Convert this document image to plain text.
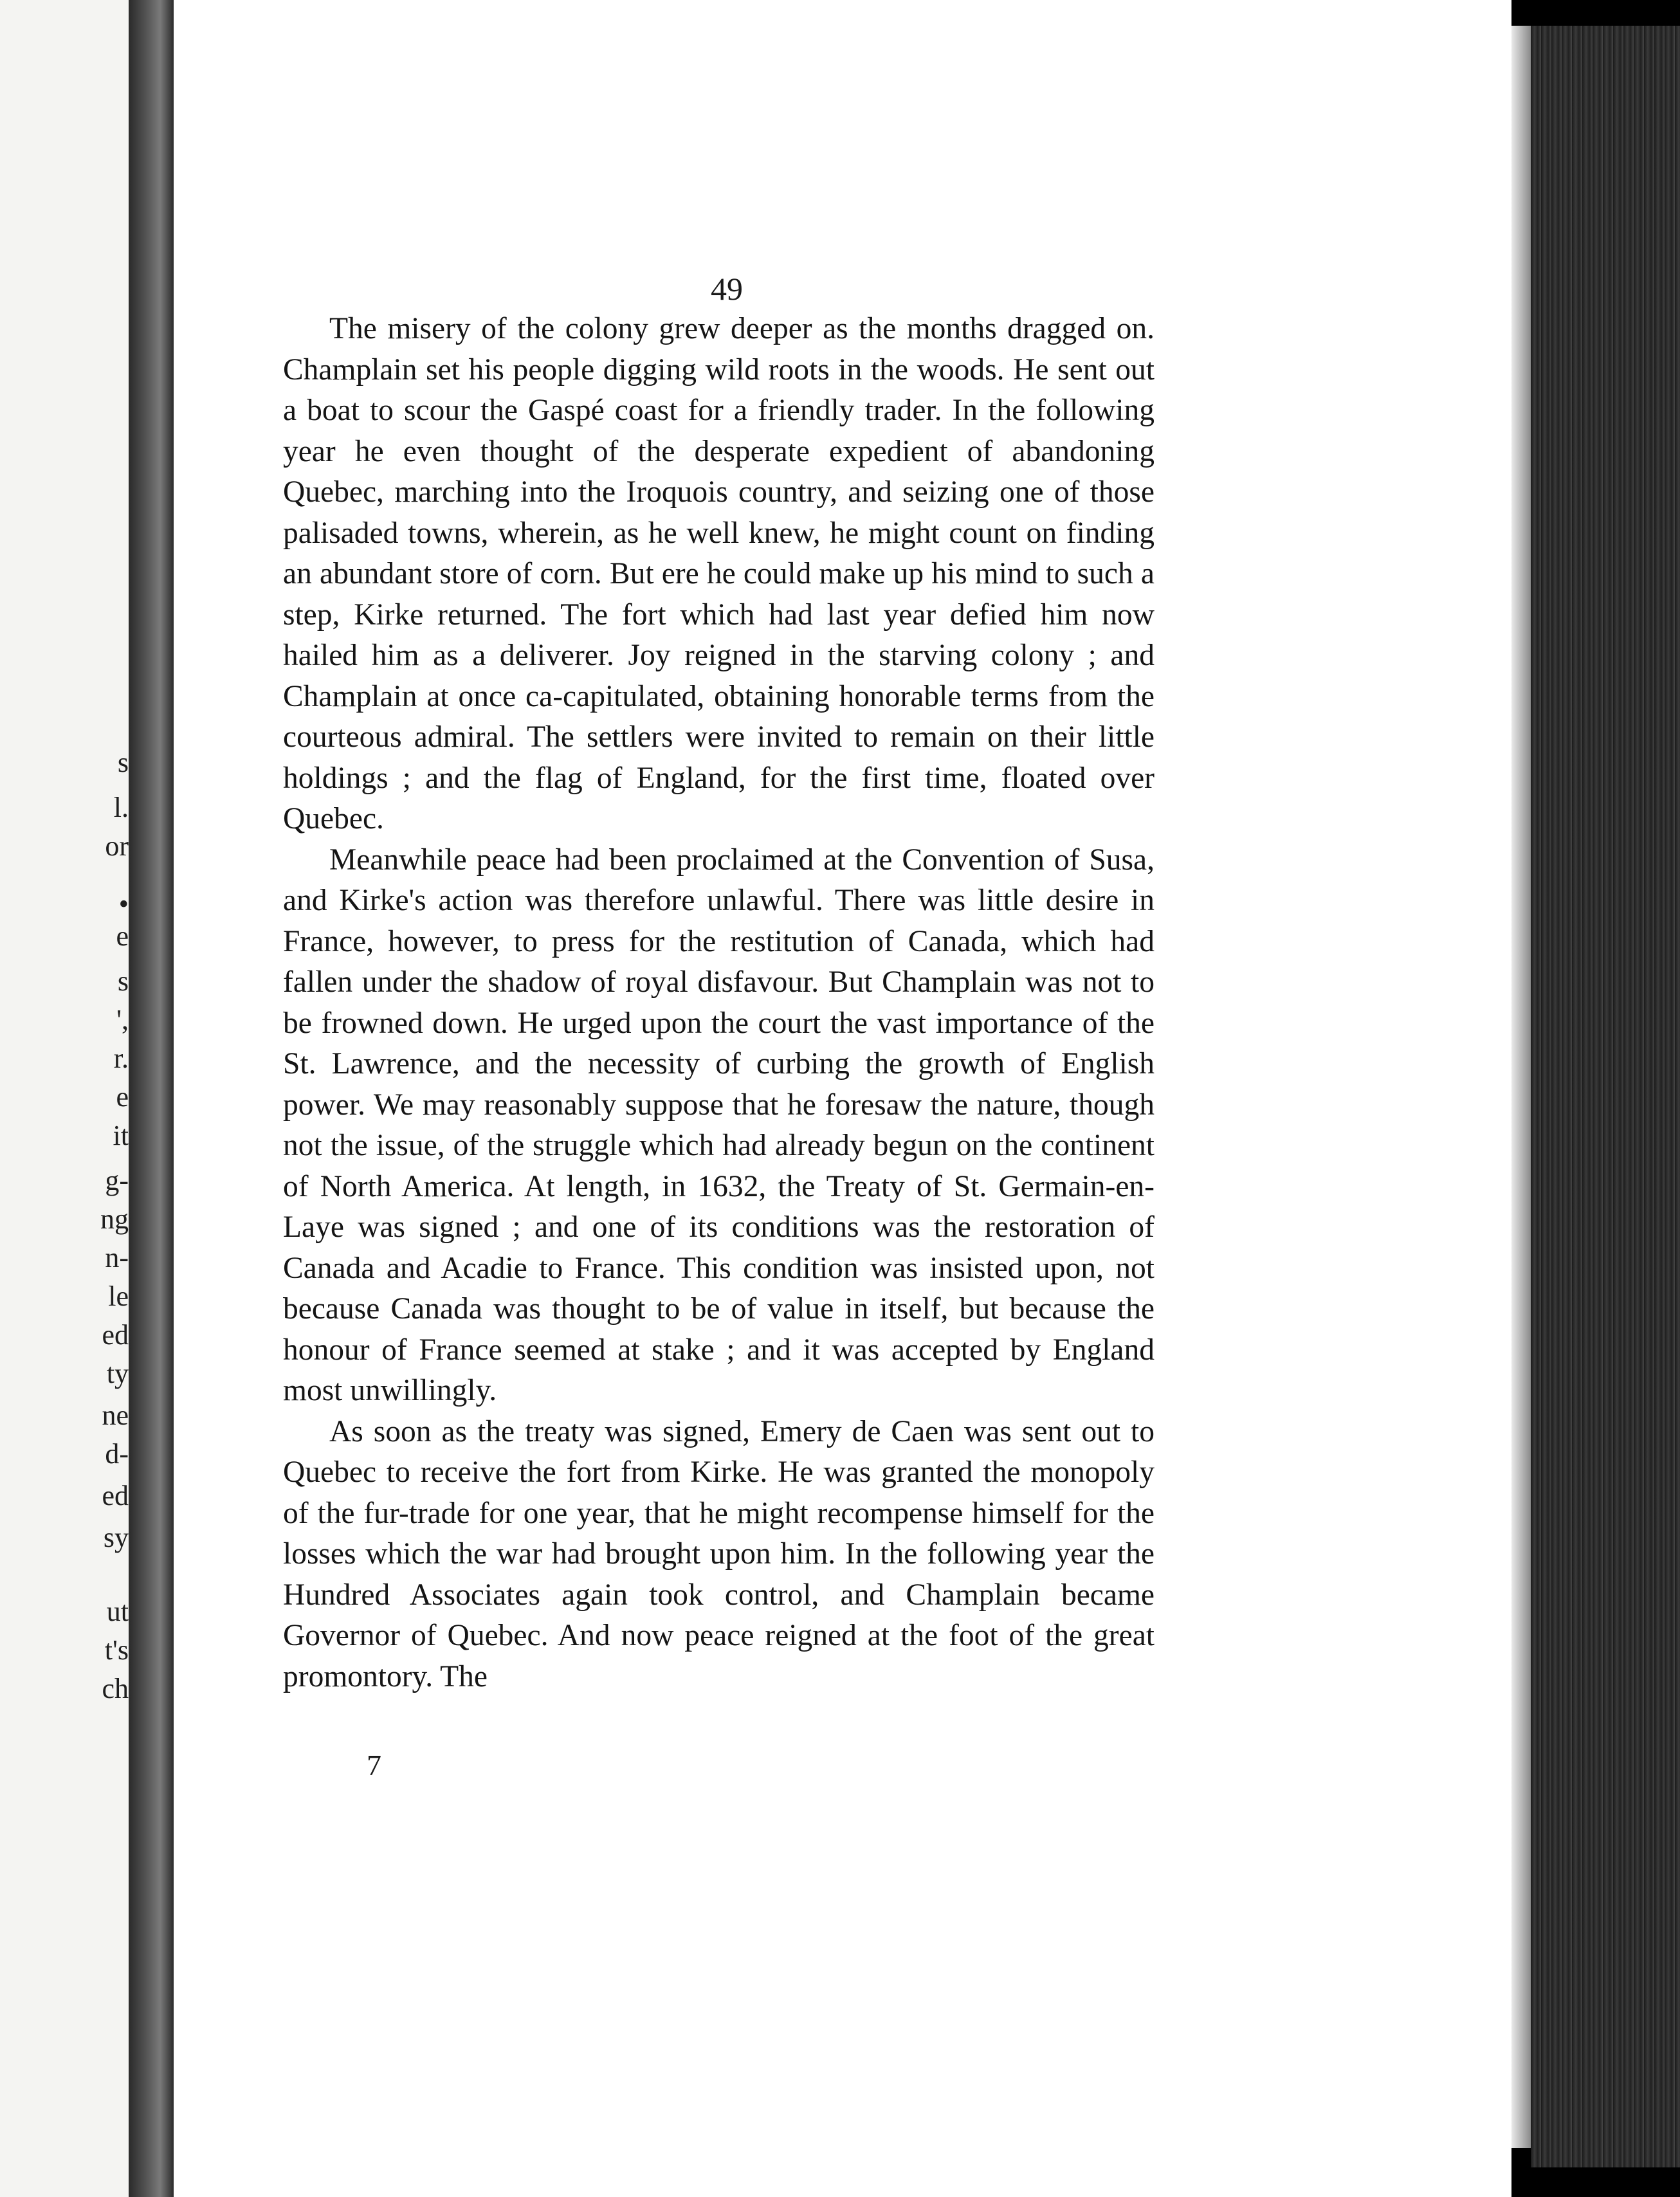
s
l.
or
•
e
s
',
r.
e
it
g-
ng
n-
le
ed
ty
ne
d-
ed
sy
ut
t's
ch
49

The misery of the colony grew deeper as the months dragged on. Champlain set his people digging wild roots in the woods. He sent out a boat to scour the Gaspé coast for a friendly trader. In the following year he even thought of the desperate expedient of abandoning Quebec, marching into the Iroquois country, and seizing one of those palisaded towns, wherein, as he well knew, he might count on finding an abundant store of corn. But ere he could make up his mind to such a step, Kirke returned. The fort which had last year defied him now hailed him as a deliverer. Joy reigned in the starving colony ; and Champlain at once ca-capitulated, obtaining honorable terms from the courteous admiral. The settlers were invited to remain on their little holdings ; and the flag of England, for the first time, floated over Quebec.

Meanwhile peace had been proclaimed at the Convention of Susa, and Kirke's action was therefore unlawful. There was little desire in France, however, to press for the restitution of Canada, which had fallen under the shadow of royal disfavour. But Champlain was not to be frowned down. He urged upon the court the vast importance of the St. Lawrence, and the necessity of curbing the growth of English power. We may reasonably suppose that he foresaw the nature, though not the issue, of the struggle which had already begun on the continent of North America. At length, in 1632, the Treaty of St. Germain-en-Laye was signed ; and one of its conditions was the restoration of Canada and Acadie to France. This condition was insisted upon, not because Canada was thought to be of value in itself, but because the honour of France seemed at stake ; and it was accepted by England most unwillingly.

As soon as the treaty was signed, Emery de Caen was sent out to Quebec to receive the fort from Kirke. He was granted the monopoly of the fur-trade for one year, that he might recompense himself for the losses which the war had brought upon him. In the following year the Hundred Associates again took control, and Champlain became Governor of Quebec. And now peace reigned at the foot of the great promontory. The

7
